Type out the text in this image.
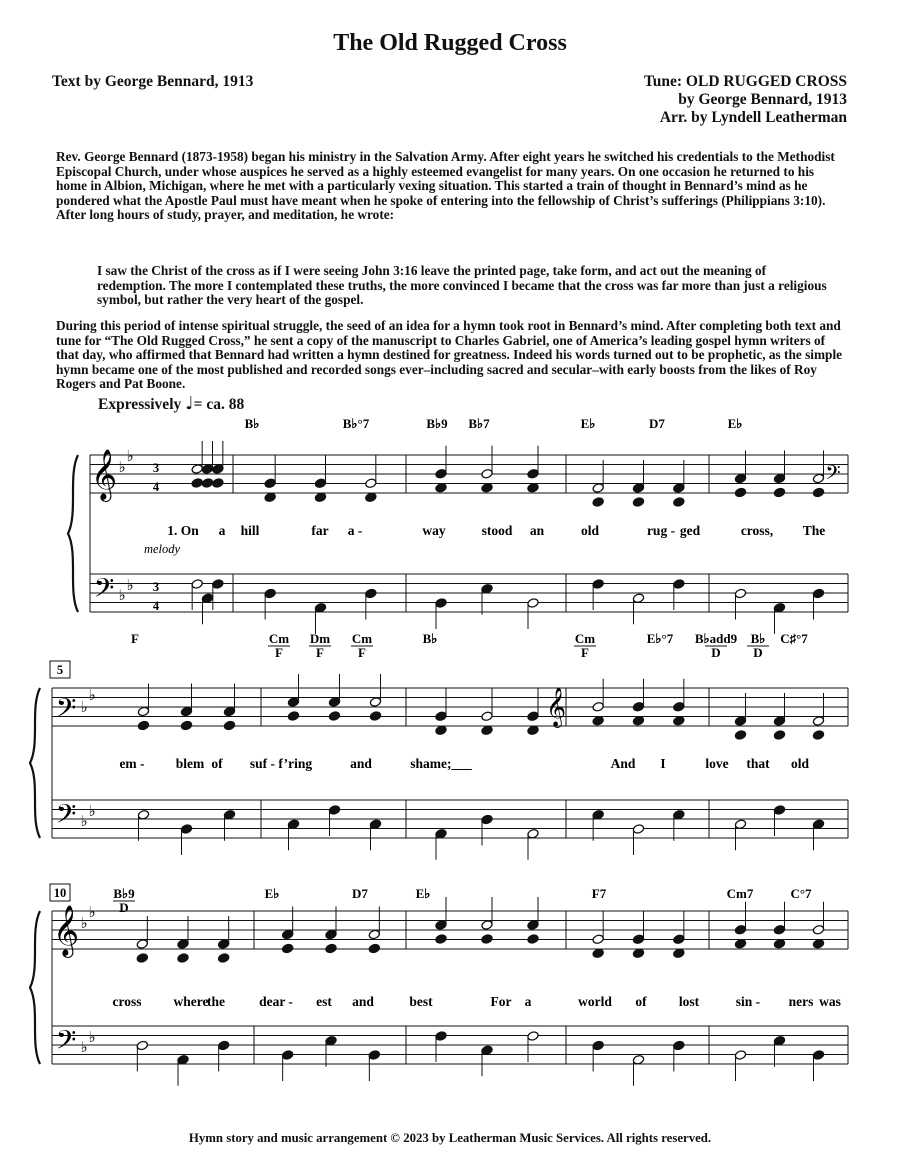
The Old Rugged Cross
Text by George Bennard, 1913	Tune: OLD RUGGED CROSS
by George Bennard, 1913
Arr. by Lyndell Leatherman

Rev. George Bennard (1873-1958) began his ministry in the Salvation Army. After eight years he switched his credentials to the Methodist Episcopal Church, under whose auspices he served as a highly esteemed evangelist for many years. On one occasion he returned to his home in Albion, Michigan, where he met with a particularly vexing situation. This started a train of thought in Bennard’s mind as he pondered what the Apostle Paul must have meant when he spoke of entering into the fellowship of Christ’s sufferings (Philippians 3:10). After long hours of study, prayer, and meditation, he wrote:

I saw the Christ of the cross as if I were seeing John 3:16 leave the printed page, take form, and act out the meaning of redemption. The more I contemplated these truths, the more convinced I became that the cross was far more than just a religious symbol, but rather the very heart of the gospel.

During this period of intense spiritual struggle, the seed of an idea for a hymn took root in Bennard’s mind. After completing both text and tune for “The Old Rugged Cross,” he sent a copy of the manuscript to Charles Gabriel, one of America’s leading gospel hymn writers of that day, who affirmed that Bennard had written a hymn destined for greatness. Indeed his words turned out to be prophetic, as the simple hymn became one of the most published and recorded songs ever–including sacred and secular–with early boosts from the likes of Roy Rogers and Pat Boone.

Expressively ♩= ca. 88
𝄞
𝄢
♭
♭
♭
♭
3
4
3
4
melody
B♭	B♭°7	B♭9 B♭7	E♭	D7	E♭
1. On a hill	far a -	way	stood an	old	rug - ged	cross, The
𝄢
𝄢
♭
♭
♭
♭
5
F	Cm
F
Dm
F
Cm
F
B♭	Cm
F
E♭°7 B♭add9
D
B♭
D
C♯°7
em - blem of suf - f’ring	and	shame;___	And I	love that old
𝄞
𝄢
♭
♭
♭
♭
10	B♭9
D
E♭	D7	E♭	F7	Cm7	C°7
cross where
the	dear - est and	best	For a	world of lost	sin - ners was
𝄞
𝄢
Hymn story and music arrangement © 2023 by Leatherman Music Services. All rights reserved.
